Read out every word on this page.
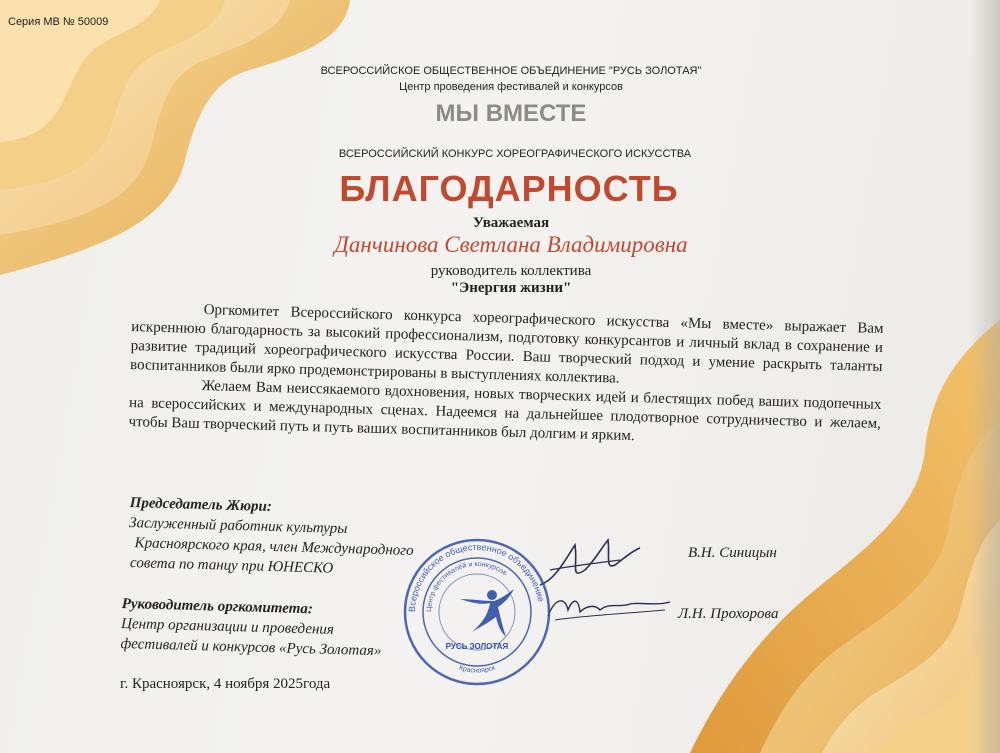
Серия МВ № 50009

ВСЕРОССИЙСКОЕ ОБЩЕСТВЕННОЕ ОБЪЕДИНЕНИЕ "РУСЬ ЗОЛОТАЯ"

Центр проведения фестивалей и конкурсов

МЫ ВМЕСТЕ

ВСЕРОССИЙСКИЙ КОНКУРС ХОРЕОГРАФИЧЕСКОГО ИСКУССТВА

БЛАГОДАРНОСТЬ

Уважаемая

Данчинова Светлана Владимировна

руководитель коллектива

"Энергия жизни"

Оргкомитет Всероссийского конкурса хореографического искусства «Мы вместе» выражает Вам искреннюю благодарность за высокий профессионализм, подготовку конкурсантов и личный вклад в сохранение и развитие традиций хореографического искусства России. Ваш творческий подход и умение раскрыть таланты воспитанников были ярко продемонстрированы в выступлениях коллектива.

Желаем Вам неиссякаемого вдохновения, новых творческих идей и блестящих побед ваших подопечных на всероссийских и международных сценах. Надеемся на дальнейшее плодотворное сотрудничество и желаем, чтобы Ваш творческий путь и путь ваших воспитанников был долгим и ярким.

Председатель Жюри:
Заслуженный работник культуры
Красноярского края, член Международного
совета по танцу при ЮНЕСКО
Руководитель оргкомитета:
Центр организации и проведения
фестивалей и конкурсов «Русь Золотая»
В.Н. Синицын
Л.Н. Прохорова
г. Красноярск, 4 ноября 2025года
Всероссийское общественное объединение
Центр фестивалей и конкурсов
РУСЬ ЗОЛОТАЯ
Красноярск
